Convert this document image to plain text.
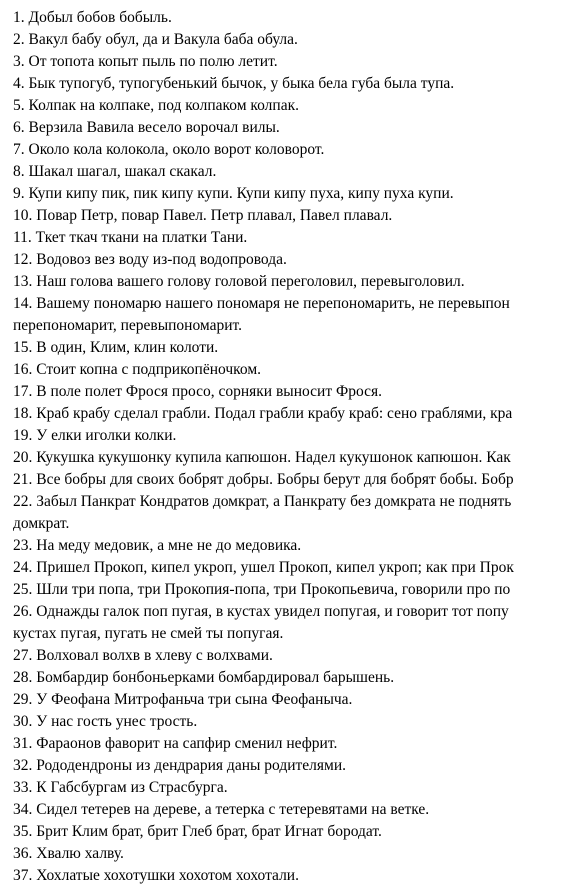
1. Добыл бобов бобыль.
2. Вакул бабу обул, да и Вакула баба обула.
3. От топота копыт пыль по полю летит.
4. Бык тупогуб, тупогубенький бычок, у быка бела губа была тупа.
5. Колпак на колпаке, под колпаком колпак.
6. Верзила Вавила весело ворочал вилы.
7. Около кола колокола, около ворот коловорот.
8. Шакал шагал, шакал скакал.
9. Купи кипу пик, пик кипу купи. Купи кипу пуха, кипу пуха купи.
10. Повар Петр, повар Павел. Петр плавал, Павел плавал.
11. Ткет ткач ткани на платки Тани.
12. Водовоз вез воду из-под водопровода.
13. Наш голова вашего голову головой переголовил, перевыголовил.
14. Вашему пономарю нашего пономаря не перепономарить, не перевыпон
перепономарит, перевыпономарит.
15. В один, Клим, клин колоти.
16. Стоит копна с подприкопёночком.
17. В поле полет Фрося просо, сорняки выносит Фрося.
18. Краб крабу сделал грабли. Подал грабли крабу краб: сено граблями, кра
19. У елки иголки колки.
20. Кукушка кукушонку купила капюшон. Надел кукушонок капюшон. Как
21. Все бобры для своих бобрят добры. Бобры берут для бобрят бобы. Бобр
22. Забыл Панкрат Кондратов домкрат, а Панкрату без домкрата не поднять
домкрат.
23. На меду медовик, а мне не до медовика.
24. Пришел Прокоп, кипел укроп, ушел Прокоп, кипел укроп; как при Прок
25. Шли три попа, три Прокопия-попа, три Прокопьевича, говорили про по
26. Однажды галок поп пугая, в кустах увидел попугая, и говорит тот попу
кустах пугая, пугать не смей ты попугая.
27. Волховал волхв в хлеву с волхвами.
28. Бомбардир бонбоньерками бомбардировал барышень.
29. У Феофана Митрофаньча три сына Феофаныча.
30. У нас гость унес трость.
31. Фараонов фаворит на сапфир сменил нефрит.
32. Рододендроны из дендрария даны родителями.
33. К Габсбургам из Страсбурга.
34. Сидел тетерев на дереве, а тетерка с тетеревятами на ветке.
35. Брит Клим брат, брит Глеб брат, брат Игнат бородат.
36. Хвалю халву.
37. Хохлатые хохотушки хохотом хохотали.
